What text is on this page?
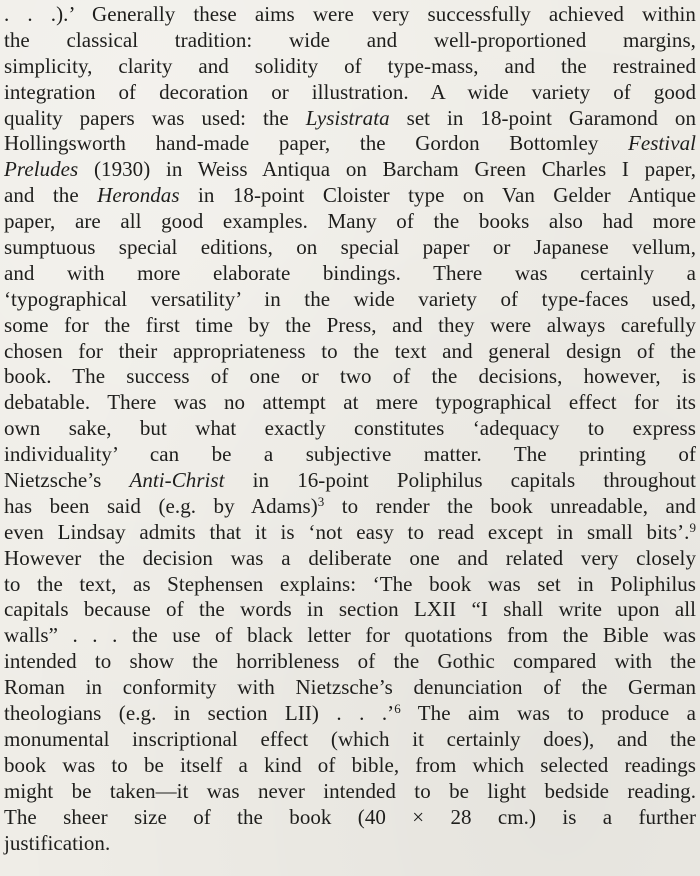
. . .).’ Generally these aims were very successfully achieved within
the classical tradition: wide and well-proportioned margins,
simplicity, clarity and solidity of type-mass, and the restrained
integration of decoration or illustration. A wide variety of good
quality papers was used: the Lysistrata set in 18-point Garamond on
Hollingsworth hand-made paper, the Gordon Bottomley Festival
Preludes (1930) in Weiss Antiqua on Barcham Green Charles I paper,
and the Herondas in 18-point Cloister type on Van Gelder Antique
paper, are all good examples. Many of the books also had more
sumptuous special editions, on special paper or Japanese vellum,
and with more elaborate bindings. There was certainly a
‘typographical versatility’ in the wide variety of type-faces used,
some for the first time by the Press, and they were always carefully
chosen for their appropriateness to the text and general design of the
book. The success of one or two of the decisions, however, is
debatable. There was no attempt at mere typographical effect for its
own sake, but what exactly constitutes ‘adequacy to express
individuality’ can be a subjective matter. The printing of
Nietzsche’s Anti-Christ in 16-point Poliphilus capitals throughout
has been said (e.g. by Adams)$^3$ to render the book unreadable, and
even Lindsay admits that it is ‘not easy to read except in small bits’.$^9$
However the decision was a deliberate one and related very closely
to the text, as Stephensen explains: ‘The book was set in Poliphilus
capitals because of the words in section LXII “I shall write upon all
walls” . . . the use of black letter for quotations from the Bible was
intended to show the horribleness of the Gothic compared with the
Roman in conformity with Nietzsche’s denunciation of the German
theologians (e.g. in section LII) . . .’$^6$ The aim was to produce a
monumental inscriptional effect (which it certainly does), and the
book was to be itself a kind of bible, from which selected readings
might be taken—it was never intended to be light bedside reading.
The sheer size of the book (40 × 28 cm.) is a further
justification.
